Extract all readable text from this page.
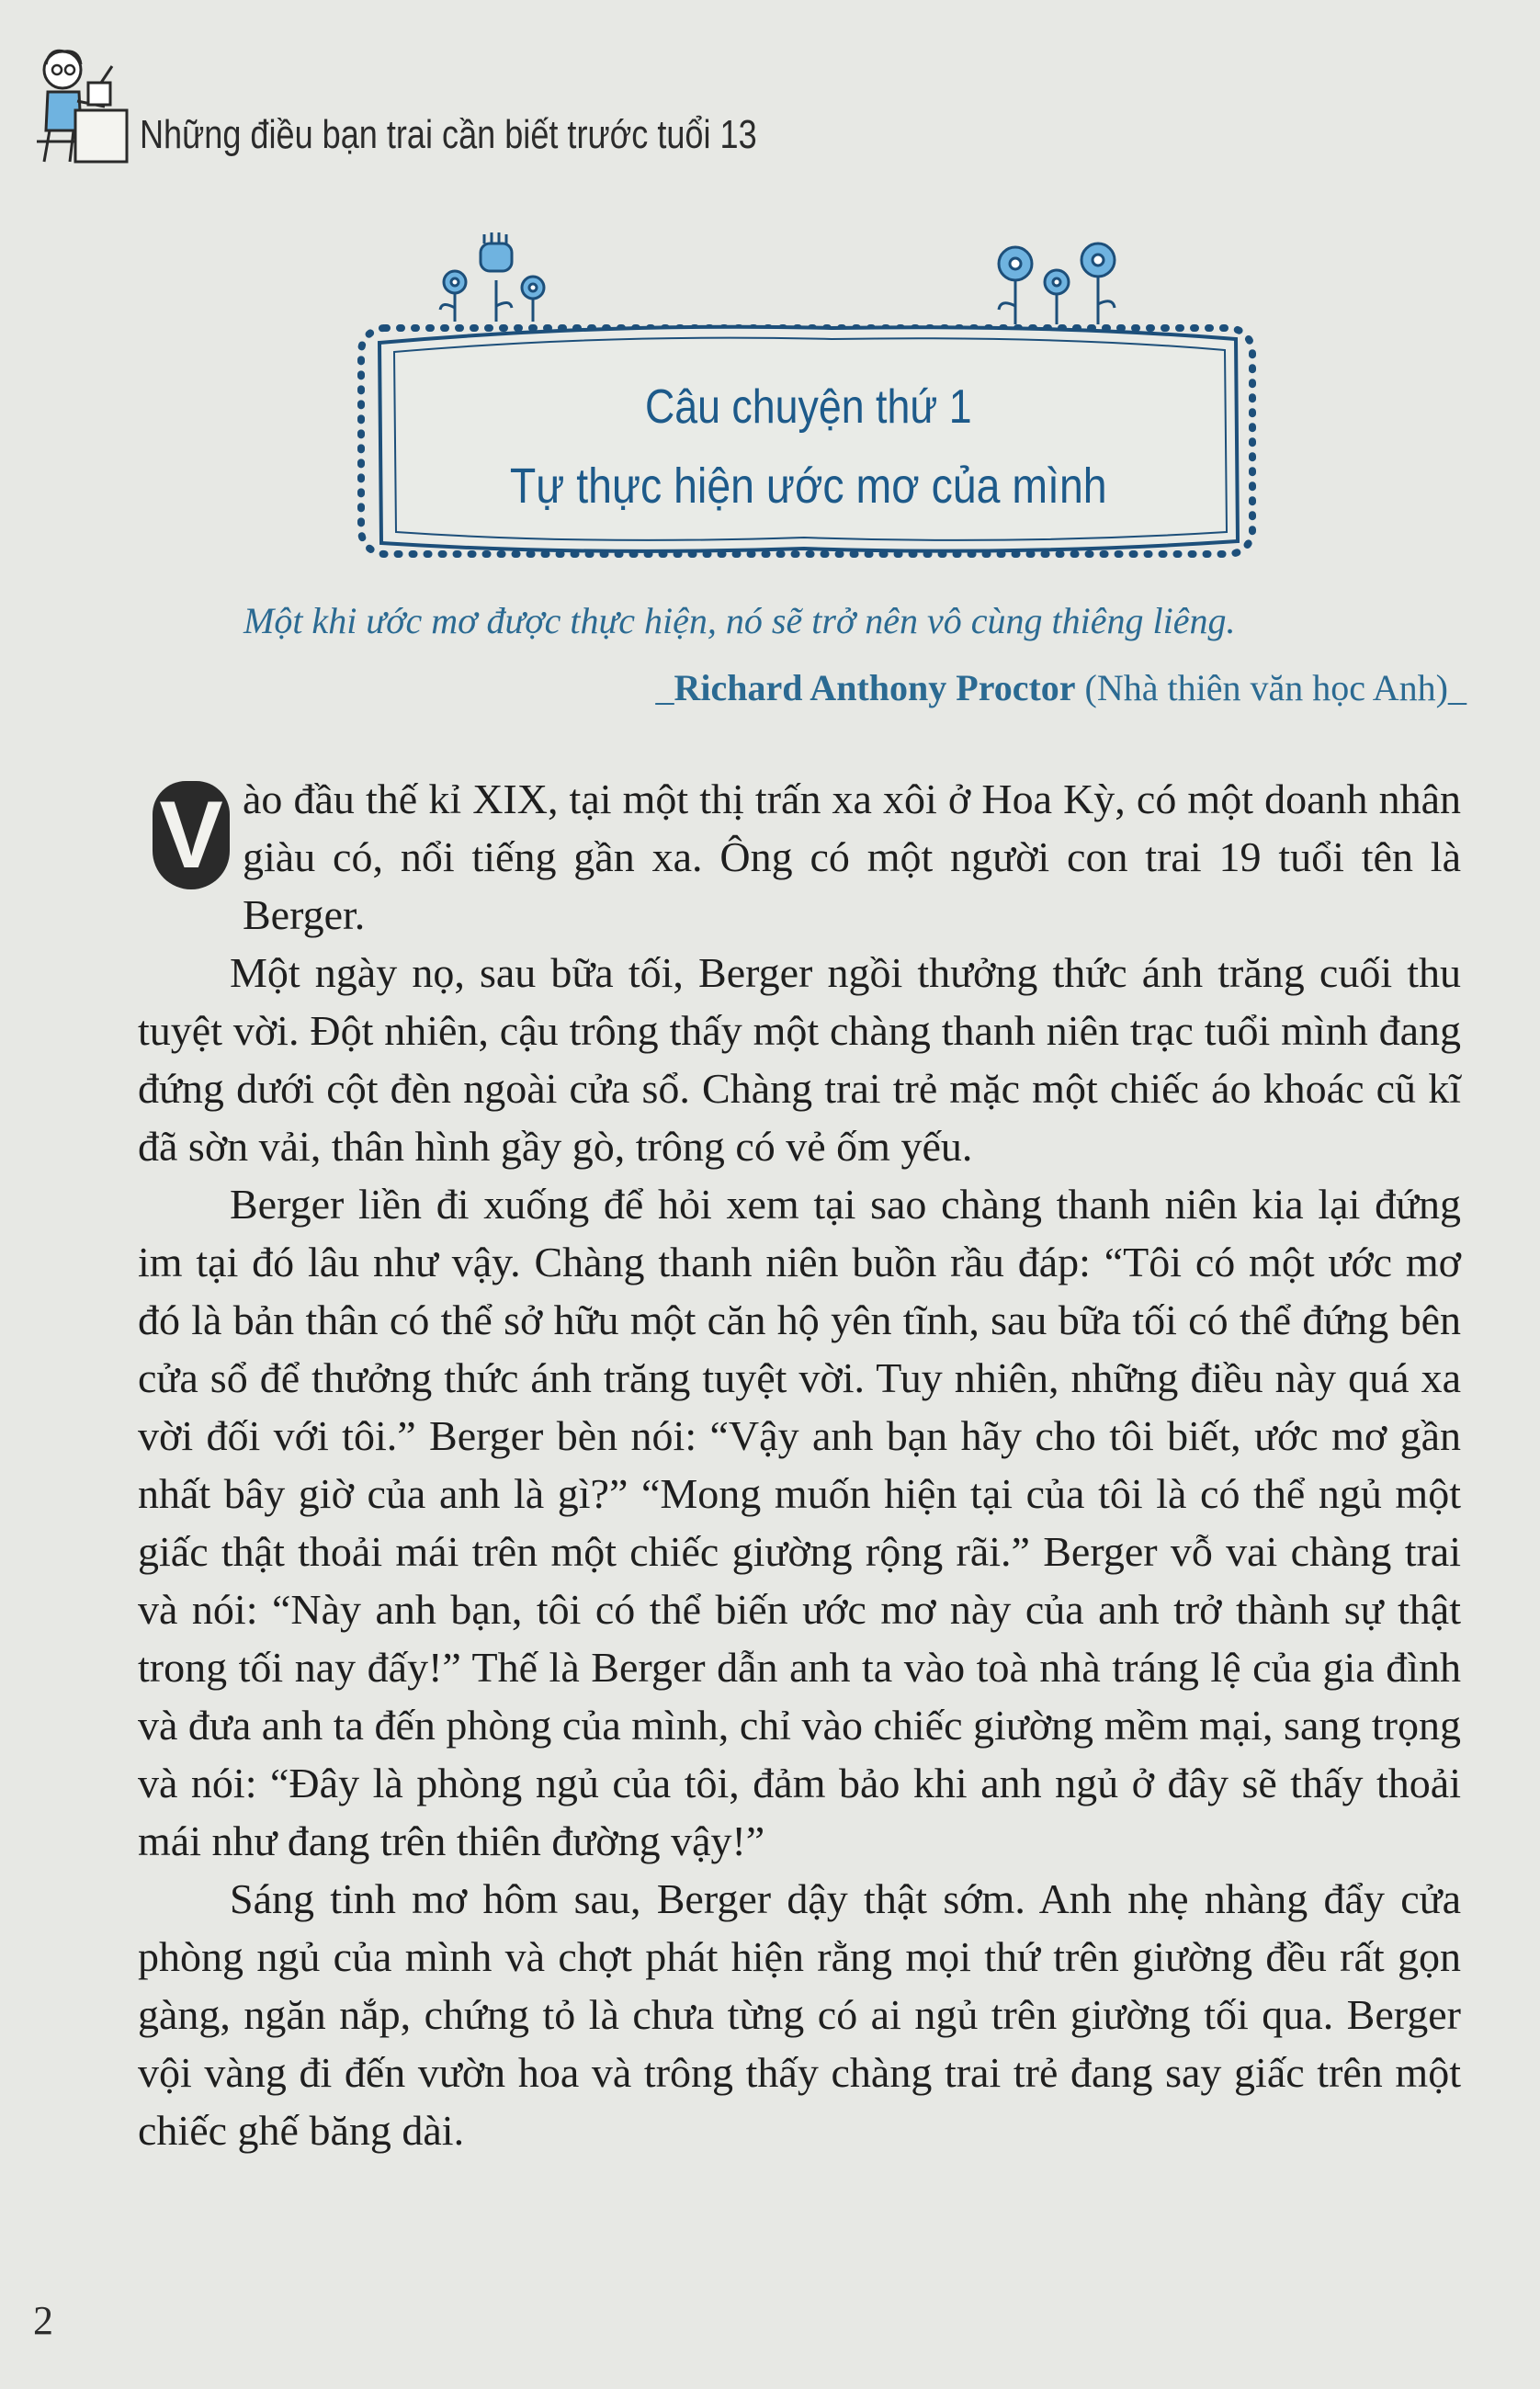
Những điều bạn trai cần biết trước tuổi 13
Câu chuyện thứ 1
Tự thực hiện ước mơ của mình
Một khi ước mơ được thực hiện, nó sẽ trở nên vô cùng thiêng liêng.
_Richard Anthony Proctor (Nhà thiên văn học Anh)_

V ào đầu thế kỉ XIX, tại một thị trấn xa xôi ở Hoa Kỳ, có một doanh nhân giàu có, nổi tiếng gần xa. Ông có một người con trai 19 tuổi tên là Berger.

Một ngày nọ, sau bữa tối, Berger ngồi thưởng thức ánh trăng cuối thu tuyệt vời. Đột nhiên, cậu trông thấy một chàng thanh niên trạc tuổi mình đang đứng dưới cột đèn ngoài cửa sổ. Chàng trai trẻ mặc một chiếc áo khoác cũ kĩ đã sờn vải, thân hình gầy gò, trông có vẻ ốm yếu.

Berger liền đi xuống để hỏi xem tại sao chàng thanh niên kia lại đứng im tại đó lâu như vậy. Chàng thanh niên buồn rầu đáp: “Tôi có một ước mơ đó là bản thân có thể sở hữu một căn hộ yên tĩnh, sau bữa tối có thể đứng bên cửa sổ để thưởng thức ánh trăng tuyệt vời. Tuy nhiên, những điều này quá xa vời đối với tôi.” Berger bèn nói: “Vậy anh bạn hãy cho tôi biết, ước mơ gần nhất bây giờ của anh là gì?” “Mong muốn hiện tại của tôi là có thể ngủ một giấc thật thoải mái trên một chiếc giường rộng rãi.” Berger vỗ vai chàng trai và nói: “Này anh bạn, tôi có thể biến ước mơ này của anh trở thành sự thật trong tối nay đấy!” Thế là Berger dẫn anh ta vào toà nhà tráng lệ của gia đình và đưa anh ta đến phòng của mình, chỉ vào chiếc giường mềm mại, sang trọng và nói: “Đây là phòng ngủ của tôi, đảm bảo khi anh ngủ ở đây sẽ thấy thoải mái như đang trên thiên đường vậy!”

Sáng tinh mơ hôm sau, Berger dậy thật sớm. Anh nhẹ nhàng đẩy cửa phòng ngủ của mình và chợt phát hiện rằng mọi thứ trên giường đều rất gọn gàng, ngăn nắp, chứng tỏ là chưa từng có ai ngủ trên giường tối qua. Berger vội vàng đi đến vườn hoa và trông thấy chàng trai trẻ đang say giấc trên một chiếc ghế băng dài.

2
